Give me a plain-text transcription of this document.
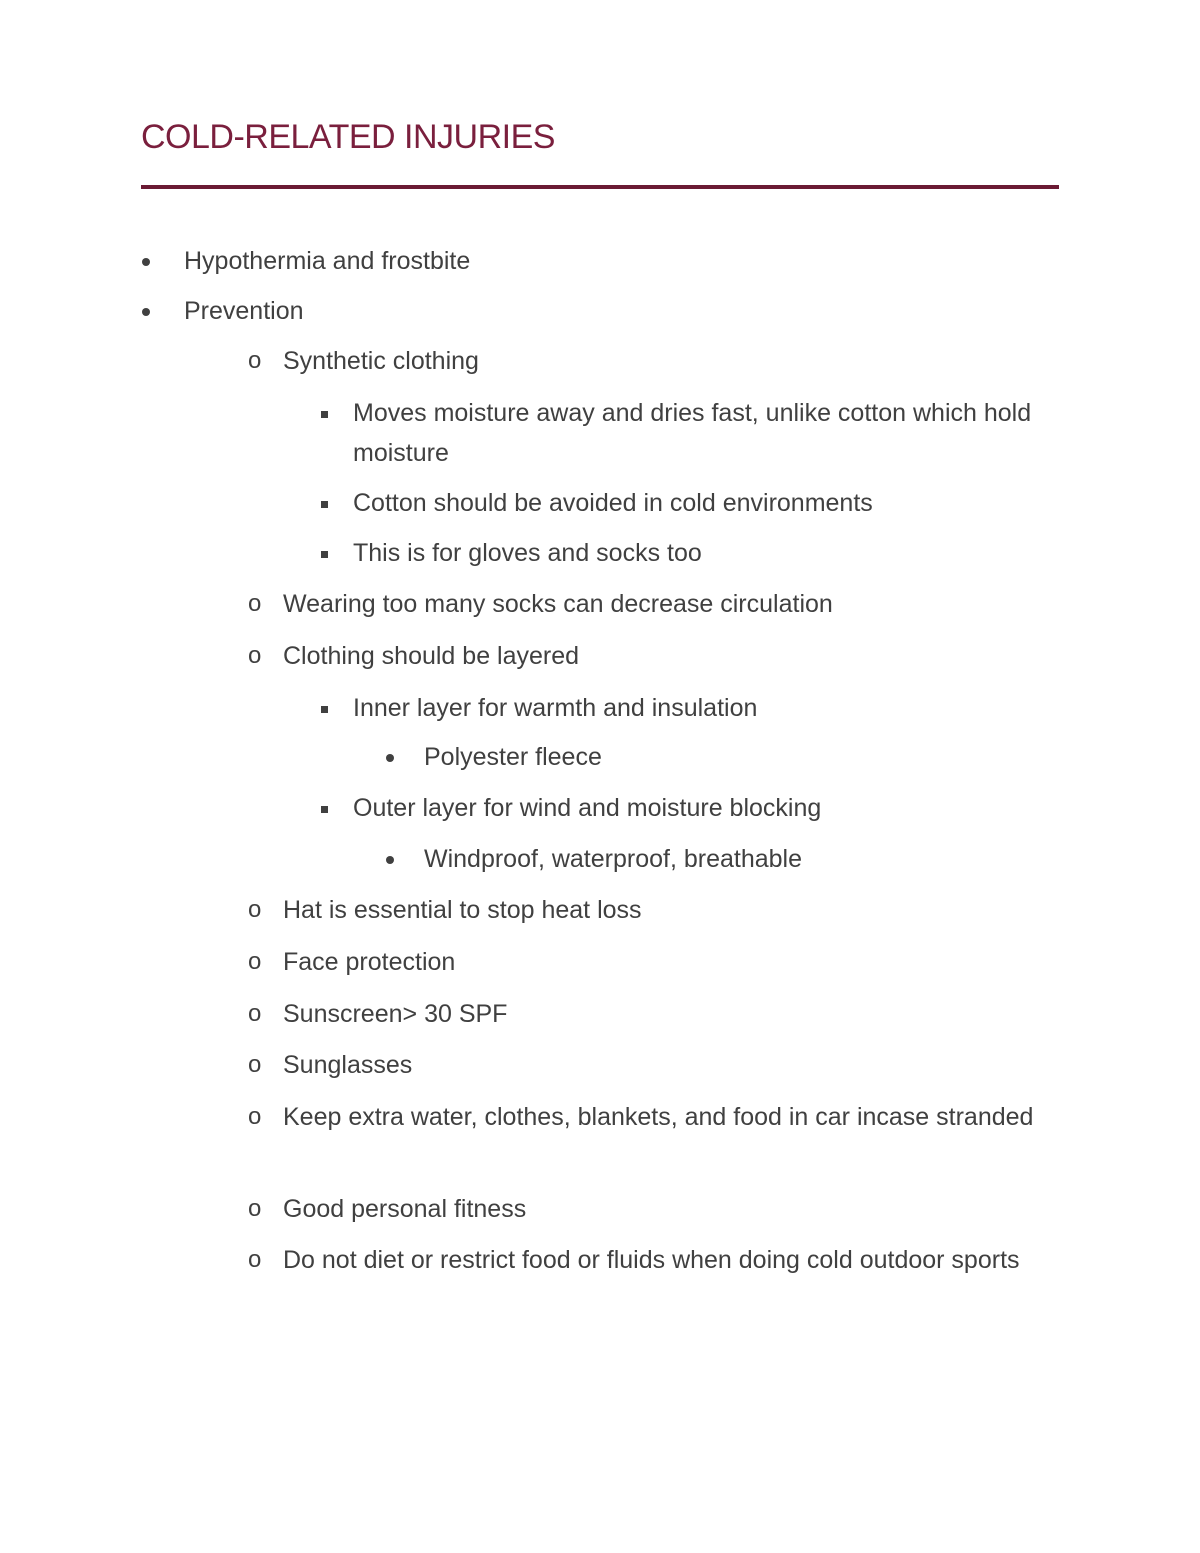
COLD-RELATED INJURIES
Hypothermia and frostbite
Prevention
o Synthetic clothing
Moves moisture away and dries fast, unlike cotton which hold moisture
Cotton should be avoided in cold environments
This is for gloves and socks too
o Wearing too many socks can decrease circulation
o Clothing should be layered
Inner layer for warmth and insulation
Polyester fleece
Outer layer for wind and moisture blocking
Windproof, waterproof, breathable
o Hat is essential to stop heat loss
o Face protection
o Sunscreen> 30 SPF
o Sunglasses
o Keep extra water, clothes, blankets, and food in car incase stranded
o Good personal fitness
o Do not diet or restrict food or fluids when doing cold outdoor sports
